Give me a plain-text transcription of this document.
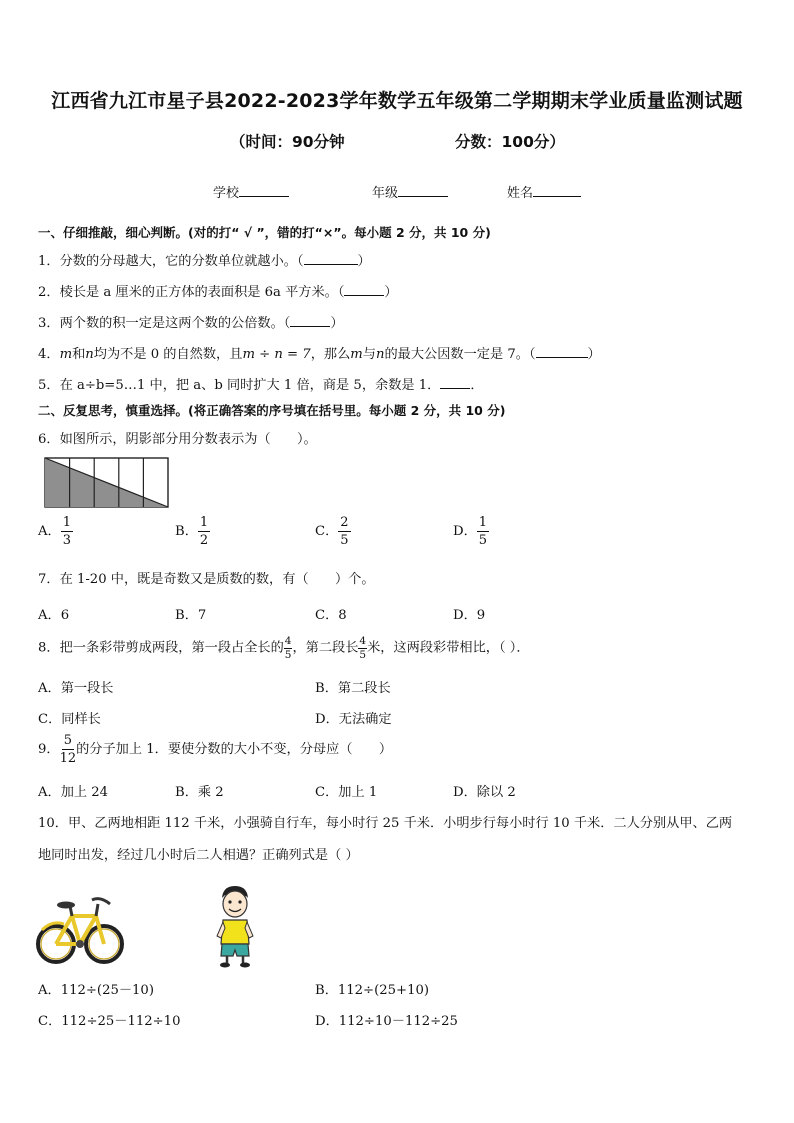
江西省九江市星子县2022-2023学年数学五年级第二学期期末学业质量监测试题
（时间：90分钟	分数：100分）
学校	年级	姓名
一、仔细推敲，细心判断。(对的打“ √ ”，错的打“×”。每小题 2 分，共 10 分)
1．分数的分母越大，它的分数单位就越小。（	）
2．棱长是 a 厘米的正方体的表面积是 6a 平方米。（	）
3．两个数的积一定是这两个数的公倍数。（	）
4．m和n均为不是 0 的自然数，且m ÷ n = 7，那么m与n的最大公因数一定是 7。（	）
5．在 a÷b=5…1 中，把 a、b 同时扩大 1 倍，商是 5，余数是 1． ．
二、反复思考，慎重选择。(将正确答案的序号填在括号里。每小题 2 分，共 10 分)
6．如图所示，阴影部分用分数表示为（　　）。
A． $\frac{1}{3}$	B． $\frac{1}{2}$	C． $\frac{2}{5}$	D． $\frac{1}{5}$
7．在 1-20 中，既是奇数又是质数的数，有（　　）个。
A．6	B．7	C．8	D．9
8．把一条彩带剪成两段，第一段占全长的 $\frac{4}{5}$ ，第二段长 $\frac{4}{5}$ 米，这两段彩带相比，（ ）．
A．第一段长	B．第二段长
C．同样长	D．无法确定
9． $\frac{5}{12}$ 的分子加上 1．要使分数的大小不变，分母应（　　）
A．加上 24	B．乘 2	C．加上 1	D．除以 2
10．甲、乙两地相距 112 千米，小强骑自行车，每小时行 25 千米．小明步行每小时行 10 千米．二人分别从甲、乙两
地同时出发，经过几小时后二人相遇？正确列式是（ ）
A．112÷(25－10)	B．112÷(25+10)
C．112÷25－112÷10	D．112÷10－112÷25
